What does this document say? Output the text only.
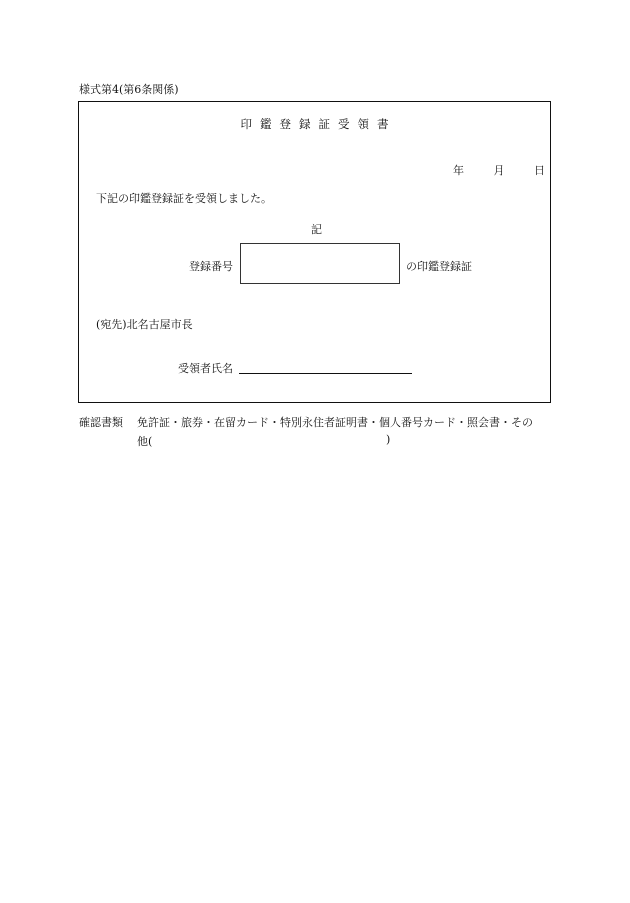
様式第4(第6条関係)
印鑑登録証受領書
年	月	日
下記の印鑑登録証を受領しました。
記
登録番号	の印鑑登録証
(宛先)北名古屋市長
受領者氏名
確認書類 免許証・旅券・在留カード・特別永住者証明書・個人番号カード・照会書・その
他(	)
